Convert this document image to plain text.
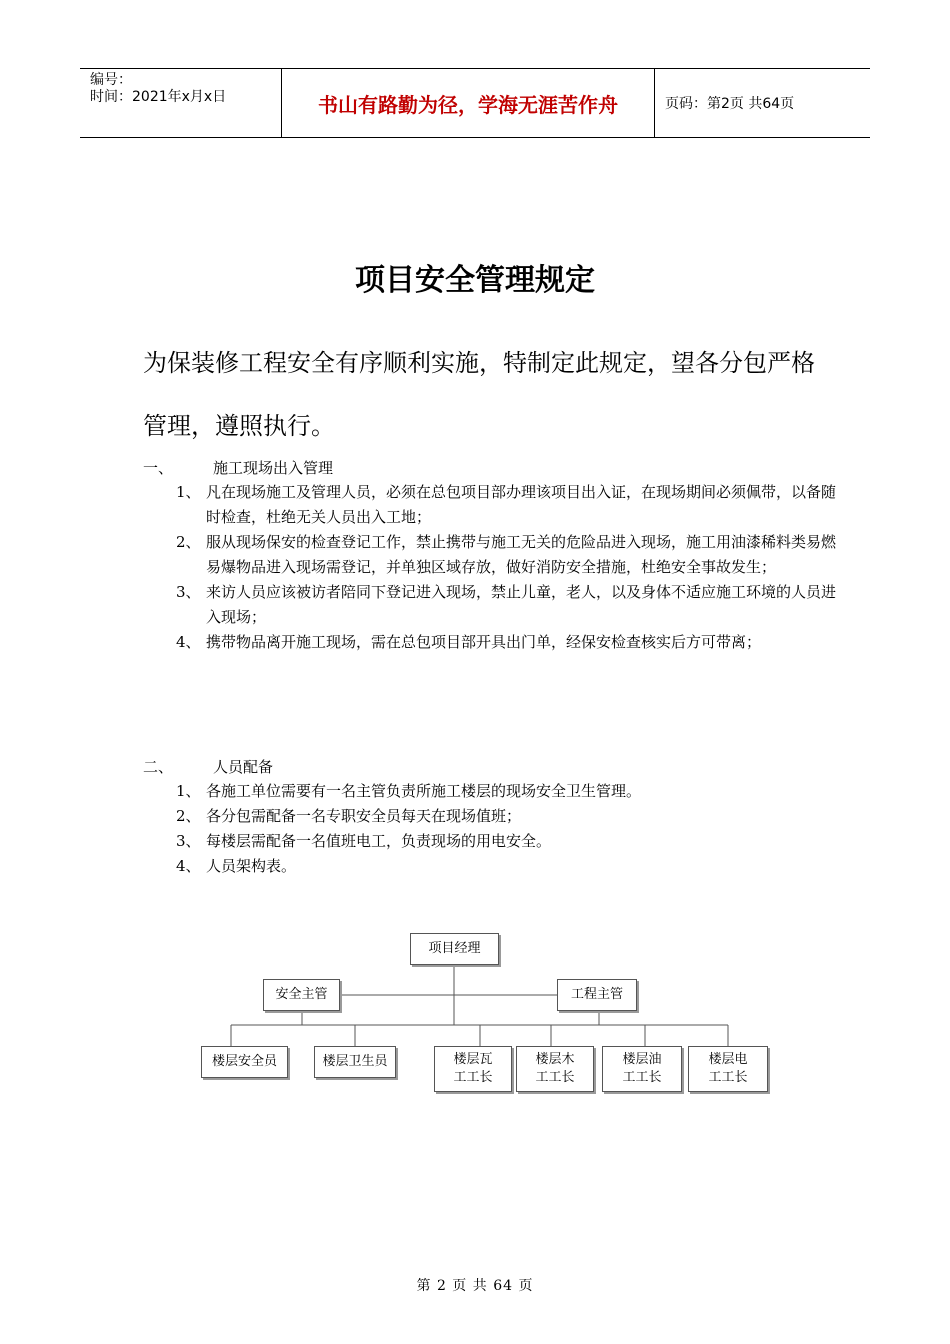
编号：
时间：2021年x月x日	书山有路勤为径，学海无涯苦作舟	页码：第2页 共64页
项目安全管理规定
为保装修工程安全有序顺利实施，特制定此规定，望各分包严格管理，遵照执行。
一、	施工现场出入管理
1、 凡在现场施工及管理人员，必须在总包项目部办理该项目出入证，在现场期间必须佩带，以备随时检查，杜绝无关人员出入工地；
2、 服从现场保安的检查登记工作，禁止携带与施工无关的危险品进入现场，施工用油漆稀料类易燃易爆物品进入现场需登记，并单独区域存放，做好消防安全措施，杜绝安全事故发生；
3、 来访人员应该被访者陪同下登记进入现场，禁止儿童，老人，以及身体不适应施工环境的人员进入现场；
4、 携带物品离开施工现场，需在总包项目部开具出门单，经保安检查核实后方可带离；
二、	人员配备
1、 各施工单位需要有一名主管负责所施工楼层的现场安全卫生管理。
2、 各分包需配备一名专职安全员每天在现场值班；
3、 每楼层需配备一名值班电工，负责现场的用电安全。
4、 人员架构表。
项目经理
安全主管	工程主管
楼层安全员	楼层卫生员	楼层瓦工工长
楼层木工工长
楼层油工工长
楼层电工工长
第 2 页 共 64 页
